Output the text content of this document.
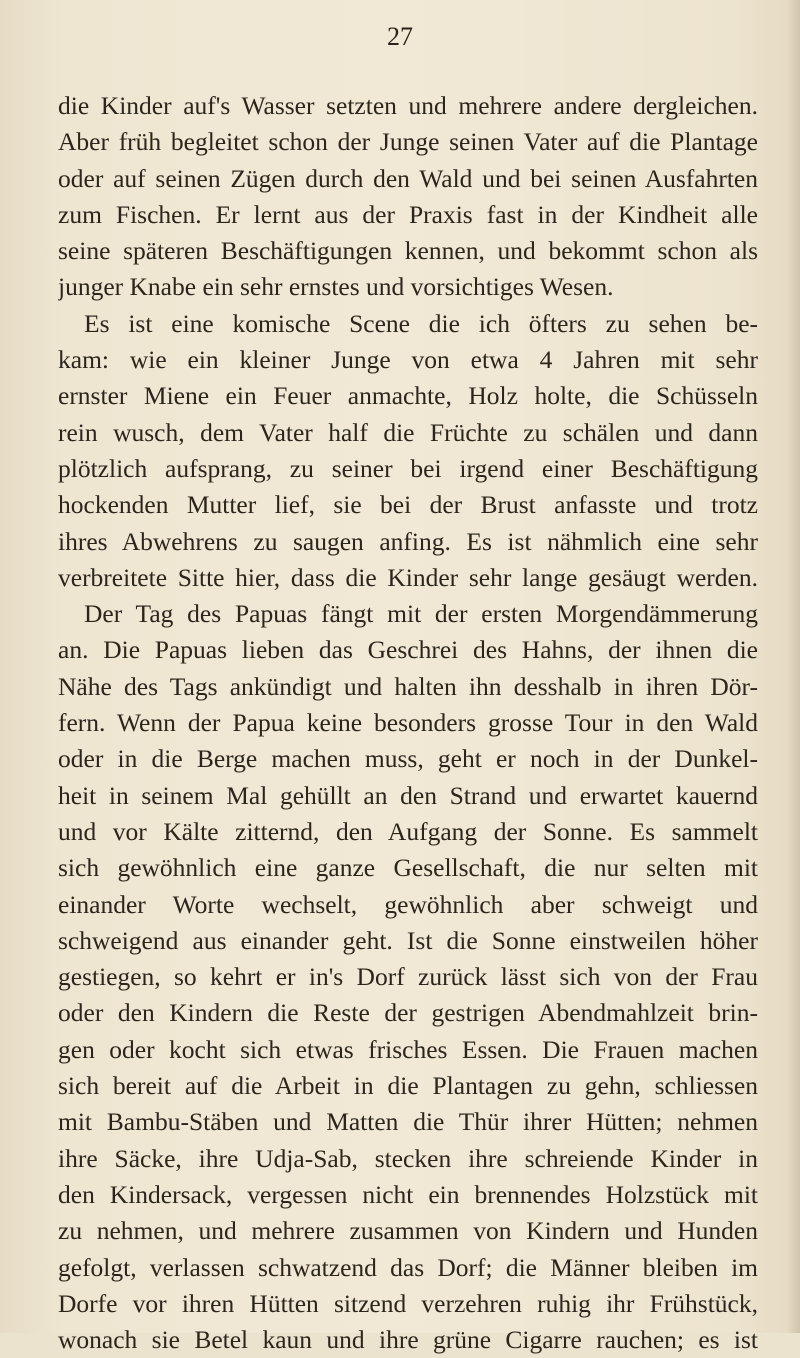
27
die Kinder auf's Wasser setzten und mehrere andere dergleichen.
Aber früh begleitet schon der Junge seinen Vater auf die Plantage
oder auf seinen Zügen durch den Wald und bei seinen Ausfahrten
zum Fischen. Er lernt aus der Praxis fast in der Kindheit alle
seine späteren Beschäftigungen kennen, und bekommt schon als
junger Knabe ein sehr ernstes und vorsichtiges Wesen.
Es ist eine komische Scene die ich öfters zu sehen be-
kam: wie ein kleiner Junge von etwa 4 Jahren mit sehr
ernster Miene ein Feuer anmachte, Holz holte, die Schüsseln
rein wusch, dem Vater half die Früchte zu schälen und dann
plötzlich aufsprang, zu seiner bei irgend einer Beschäftigung
hockenden Mutter lief, sie bei der Brust anfasste und trotz
ihres Abwehrens zu saugen anfing. Es ist nähmlich eine sehr
verbreitete Sitte hier, dass die Kinder sehr lange gesäugt werden.
Der Tag des Papuas fängt mit der ersten Morgendämmerung
an. Die Papuas lieben das Geschrei des Hahns, der ihnen die
Nähe des Tags ankündigt und halten ihn desshalb in ihren Dör-
fern. Wenn der Papua keine besonders grosse Tour in den Wald
oder in die Berge machen muss, geht er noch in der Dunkel-
heit in seinem Mal gehüllt an den Strand und erwartet kauernd
und vor Kälte zitternd, den Aufgang der Sonne. Es sammelt
sich gewöhnlich eine ganze Gesellschaft, die nur selten mit
einander Worte wechselt, gewöhnlich aber schweigt und
schweigend aus einander geht. Ist die Sonne einstweilen höher
gestiegen, so kehrt er in's Dorf zurück lässt sich von der Frau
oder den Kindern die Reste der gestrigen Abendmahlzeit brin-
gen oder kocht sich etwas frisches Essen. Die Frauen machen
sich bereit auf die Arbeit in die Plantagen zu gehn, schliessen
mit Bambu-Stäben und Matten die Thür ihrer Hütten; nehmen
ihre Säcke, ihre Udja-Sab, stecken ihre schreiende Kinder in
den Kindersack, vergessen nicht ein brennendes Holzstück mit
zu nehmen, und mehrere zusammen von Kindern und Hunden
gefolgt, verlassen schwatzend das Dorf; die Männer bleiben im
Dorfe vor ihren Hütten sitzend verzehren ruhig ihr Frühstück,
wonach sie Betel kaun und ihre grüne Cigarre rauchen; es ist
